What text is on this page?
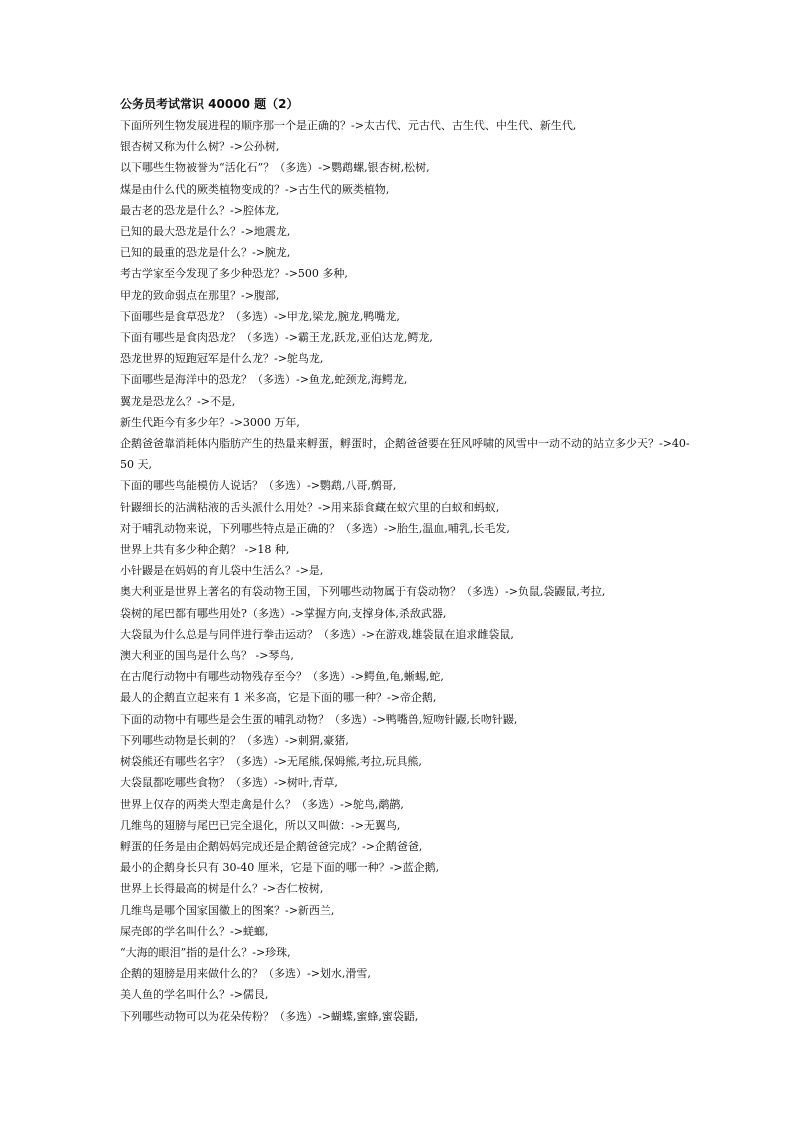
公务员考试常识 40000 题（2）
下面所列生物发展进程的顺序那一个是正确的？->太古代、元古代、古生代、中生代、新生代,
银杏树又称为什么树？->公孙树,
以下哪些生物被誉为“活化石”？（多选）->鹦鹉螺,银杏树,松树,
煤是由什么代的厥类植物变成的？->古生代的厥类植物,
最古老的恐龙是什么？->腔体龙,
已知的最大恐龙是什么？->地震龙,
已知的最重的恐龙是什么？->腕龙,
考古学家至今发现了多少种恐龙？->500 多种,
甲龙的致命弱点在那里？->腹部,
下面哪些是食草恐龙？（多选）->甲龙,梁龙,腕龙,鸭嘴龙,
下面有哪些是食肉恐龙？（多选）->霸王龙,跃龙,亚伯达龙,鳄龙,
恐龙世界的短跑冠军是什么龙？->鸵鸟龙,
下面哪些是海洋中的恐龙？（多选）->鱼龙,蛇颈龙,海鳄龙,
翼龙是恐龙么？->不是,
新生代距今有多少年？->3000 万年,
企鹅爸爸靠消耗体内脂肪产生的热量来孵蛋，孵蛋时，企鹅爸爸要在狂风呼啸的风雪中一动不动的站立多少天？->40-50 天,
下面的哪些鸟能模仿人说话？（多选）->鹦鹉,八哥,鹩哥,
针鼹细长的沾满粘液的舌头派什么用处？->用来舔食藏在蚁穴里的白蚁和蚂蚁,
对于哺乳动物来说，下列哪些特点是正确的？（多选）->胎生,温血,哺乳,长毛发,
世界上共有多少种企鹅？ ->18 种,
小针鼹是在妈妈的育儿袋中生活么？->是,
奥大利亚是世界上著名的有袋动物王国，下列哪些动物属于有袋动物？（多选）->负鼠,袋鼹鼠,考拉,
袋树的尾巴都有哪些用处?（多选）->掌握方向,支撑身体,杀敌武器,
大袋鼠为什么总是与同伴进行拳击运动？（多选）->在游戏,雄袋鼠在追求雌袋鼠,
澳大利亚的国鸟是什么鸟？ ->琴鸟,
在古爬行动物中有哪些动物残存至今？（多选）->鳄鱼,龟,蜥蜴,蛇,
最人的企鹅直立起来有 1 米多高，它是下面的哪一种？->帝企鹅,
下面的动物中有哪些是会生蛋的哺乳动物？（多选）->鸭嘴兽,短吻针鼹,长吻针鼹,
下列哪些动物是长刺的？（多选）->刺猬,豪猪,
树袋熊还有哪些名字？（多选）->无尾熊,保姆熊,考拉,玩具熊,
大袋鼠都吃哪些食物？（多选）->树叶,青草,
世界上仅存的两类大型走禽是什么？（多选）->鸵鸟,鹬鹋,
几维鸟的翅膀与尾巴已完全退化，所以又叫做：->无翼鸟,
孵蛋的任务是由企鹅妈妈完成还是企鹅爸爸完成？->企鹅爸爸,
最小的企鹅身长只有 30-40 厘米，它是下面的哪一种？->蓝企鹅,
世界上长得最高的树是什么？->杏仁桉树,
几维鸟是哪个国家国徽上的图案？->新西兰,
屎壳郎的学名叫什么？->蜣螂,
“大海的眼泪”指的是什么？->珍珠,
企鹅的翅膀是用来做什么的？（多选）->划水,滑雪,
美人鱼的学名叫什么？->儒艮,
下列哪些动物可以为花朵传粉？（多选）->蝴蝶,蜜蜂,蜜袋鼯,
